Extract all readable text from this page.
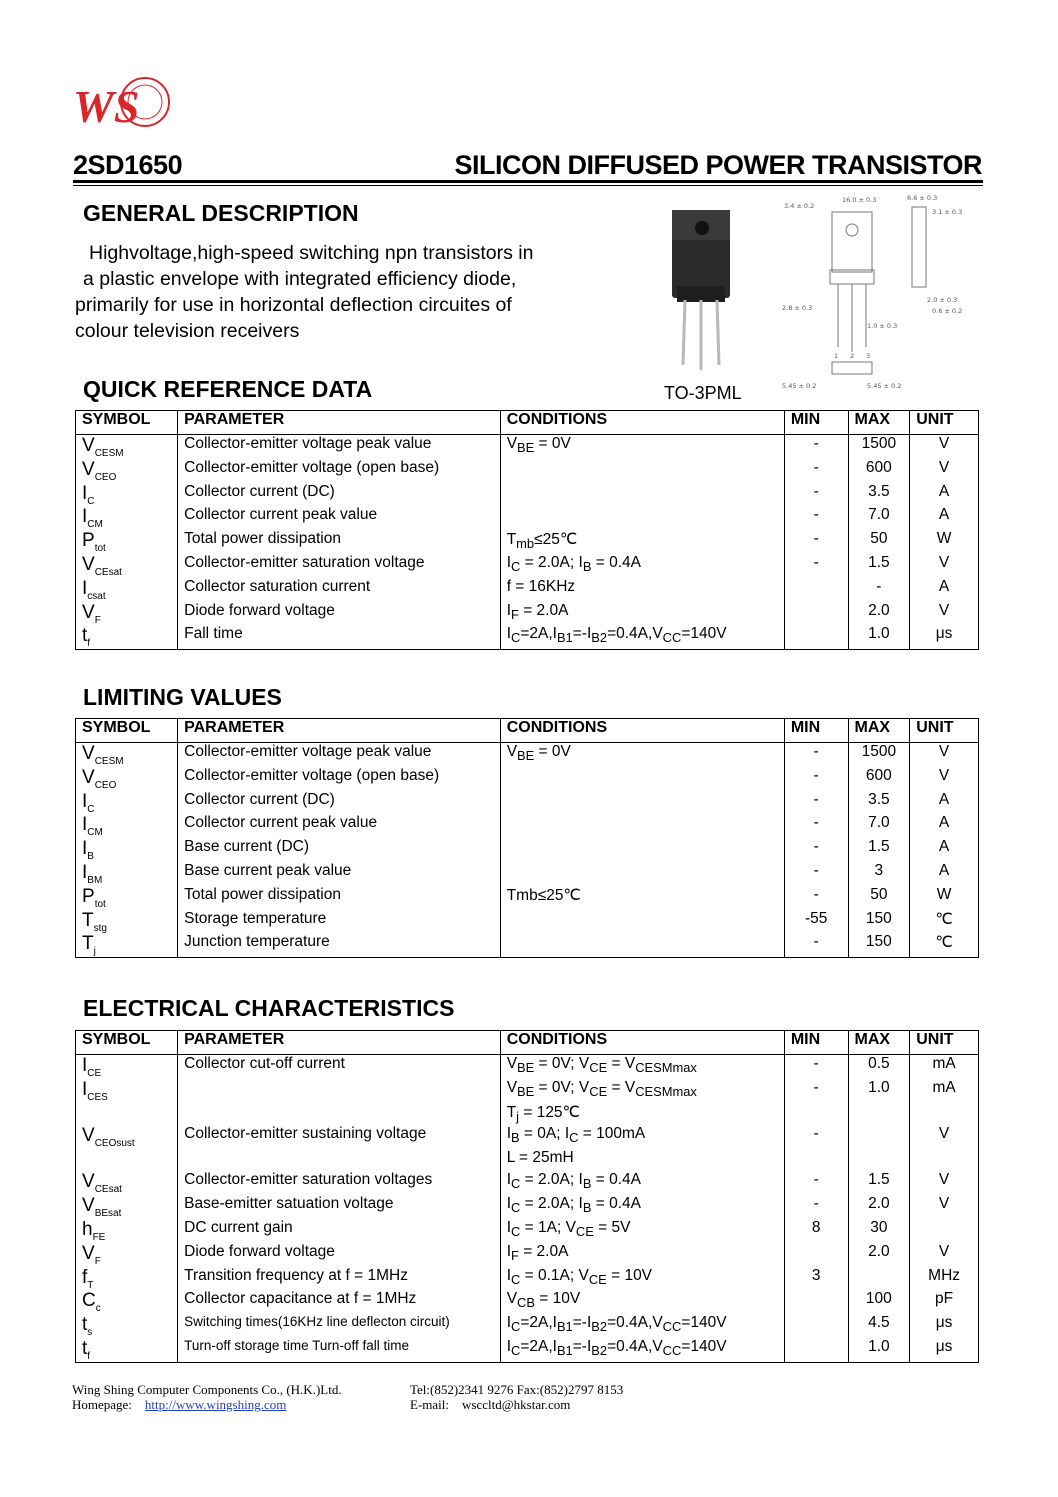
WS
2SD1650	SILICON DIFFUSED POWER TRANSISTOR
GENERAL DESCRIPTION
Highvoltage,high-speed switching npn transistors in
a plastic envelope with integrated efficiency diode,
primarily for use in horizontal deflection circuites of
colour television receivers
TO-3PML
16.0 ± 0.3
3.4 ± 0.2
6.6 ± 0.3
3.1 ± 0.3
2.8 ± 0.3
2.0 ± 0.3
0.6 ± 0.2
1.0 ± 0.3
5.45 ± 0.2	5.45 ± 0.2
1 2 3
QUICK REFERENCE DATA
SYMBOL	PARAMETER	CONDITIONS	MIN	MAX	UNIT
$V_{CESM}$	Collector-emitter voltage peak value	$V_{BE} = 0V$	-	1500	V
$V_{CEO}$	Collector-emitter voltage (open base)		-	600	V
$I_C$	Collector current (DC)		-	3.5	A
$I_{CM}$	Collector current peak value		-	7.0	A
$P_{tot}$	Total power dissipation	$T_{mb}\le 25℃$	-	50	W
$V_{CEsat}$	Collector-emitter saturation voltage	$I_C = 2.0A$; $I_B = 0.4A$	-	1.5	V
$I_{csat}$	Collector saturation current	f = 16KHz		-	A
$V_F$	Diode forward voltage	$I_F = 2.0A$		2.0	V
$t_f$	Fall time	$I_C=2A,I_{B1}=-I_{B2}=0.4A,V_{CC}=140V$		1.0	μs
LIMITING VALUES
SYMBOL	PARAMETER	CONDITIONS	MIN	MAX	UNIT
$V_{CESM}$	Collector-emitter voltage peak value	$V_{BE} = 0V$	-	1500	V
$V_{CEO}$	Collector-emitter voltage (open base)		-	600	V
$I_C$	Collector current (DC)		-	3.5	A
$I_{CM}$	Collector current peak value		-	7.0	A
$I_B$	Base current (DC)		-	1.5	A
$I_{BM}$	Base current peak value		-	3	A
$P_{tot}$	Total power dissipation	Tmb≤25℃	-	50	W
$T_{stg}$	Storage temperature		-55	150	℃
$T_j$	Junction temperature		-	150	℃
ELECTRICAL CHARACTERISTICS
SYMBOL	PARAMETER	CONDITIONS	MIN	MAX	UNIT
$I_{CE}$	Collector cut-off current	$V_{BE} = 0V$; $V_{CE} = V_{CESMmax}$	-	0.5	mA
$I_{CES}$		$V_{BE} = 0V$; $V_{CE} = V_{CESMmax}$	-	1.0	mA
		$T_j$ = 125℃			
$V_{CEOsust}$	Collector-emitter sustaining voltage	$I_B = 0A$; $I_C = 100mA$	-		V
		L = 25mH			
$V_{CEsat}$	Collector-emitter saturation voltages	$I_C = 2.0A$; $I_B = 0.4A$	-	1.5	V
$V_{BEsat}$	Base-emitter satuation voltage	$I_C = 2.0A$; $I_B = 0.4A$	-	2.0	V
$h_{FE}$	DC current gain	$I_C = 1A$; $V_{CE} = 5V$	8	30	
$V_F$	Diode forward voltage	$I_F = 2.0A$		2.0	V
$f_T$	Transition frequency at f = 1MHz	$I_C = 0.1A$; $V_{CE} = 10V$	3		MHz
$C_c$	Collector capacitance at f = 1MHz	$V_{CB} = 10V$		100	pF
$t_s$	Switching times(16KHz line deflecton circuit)	$I_C=2A,I_{B1}=-I_{B2}=0.4A,V_{CC}=140V$		4.5	μs
$t_f$	Turn-off storage time Turn-off fall time	$I_C=2A,I_{B1}=-I_{B2}=0.4A,V_{CC}=140V$		1.0	μs
Wing Shing Computer Components Co., (H.K.)Ltd.
Homepage: http://www.wingshing.com
Tel:(852)2341 9276 Fax:(852)2797 8153
E-mail: wsccltd@hkstar.com
